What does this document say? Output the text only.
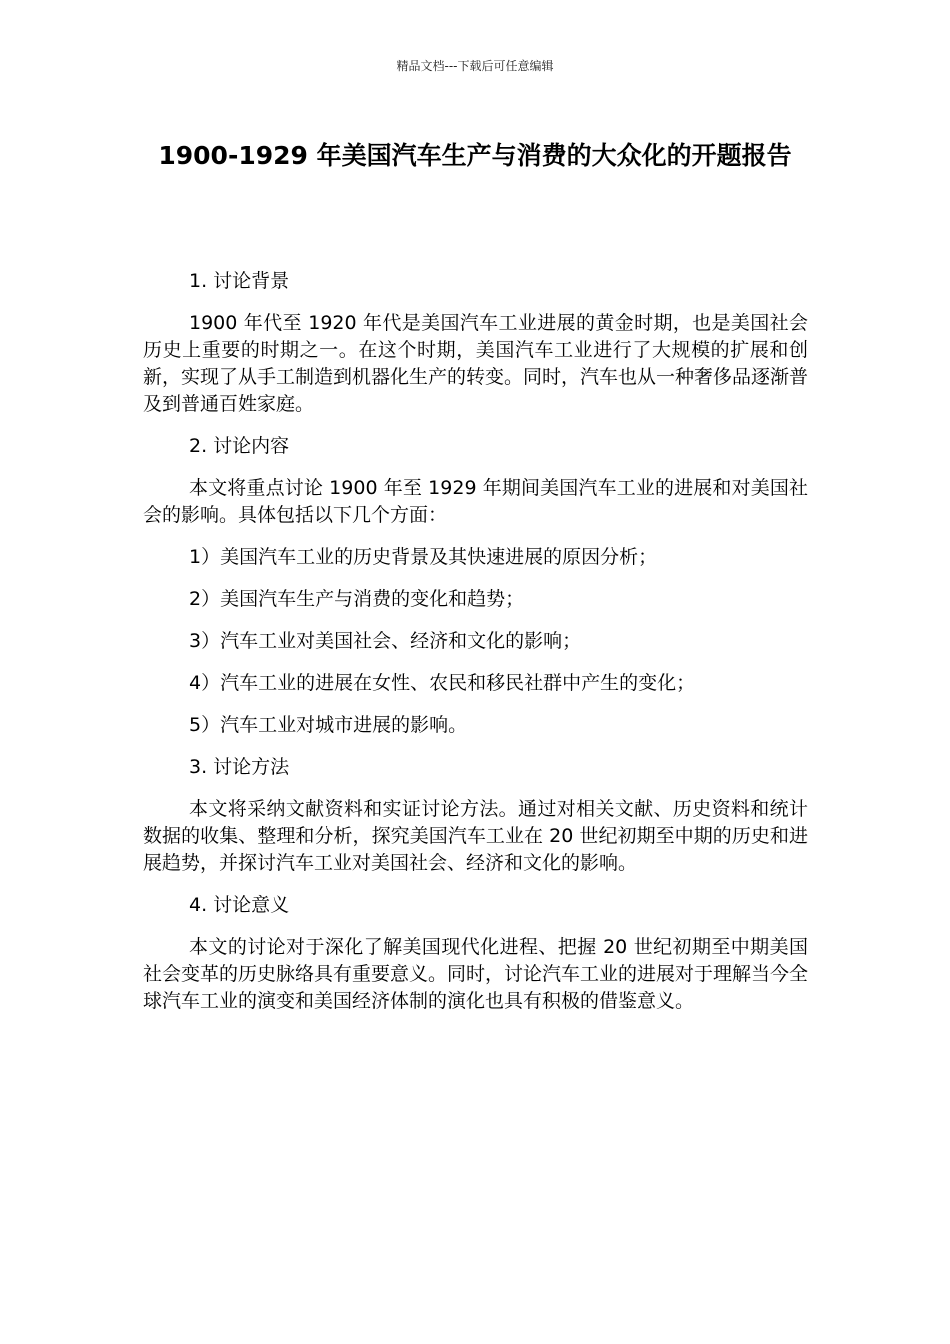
精品文档---下载后可任意编辑
1900-1929 年美国汽车生产与消费的大众化的开题报告

1. 讨论背景

1900 年代至 1920 年代是美国汽车工业进展的黄金时期，也是美国社会历史上重要的时期之一。在这个时期，美国汽车工业进行了大规模的扩展和创新，实现了从手工制造到机器化生产的转变。同时，汽车也从一种奢侈品逐渐普及到普通百姓家庭。

2. 讨论内容

本文将重点讨论 1900 年至 1929 年期间美国汽车工业的进展和对美国社会的影响。具体包括以下几个方面：

1）美国汽车工业的历史背景及其快速进展的原因分析；

2）美国汽车生产与消费的变化和趋势；

3）汽车工业对美国社会、经济和文化的影响；

4）汽车工业的进展在女性、农民和移民社群中产生的变化；

5）汽车工业对城市进展的影响。

3. 讨论方法

本文将采纳文献资料和实证讨论方法。通过对相关文献、历史资料和统计数据的收集、整理和分析，探究美国汽车工业在 20 世纪初期至中期的历史和进展趋势，并探讨汽车工业对美国社会、经济和文化的影响。

4. 讨论意义

本文的讨论对于深化了解美国现代化进程、把握 20 世纪初期至中期美国社会变革的历史脉络具有重要意义。同时，讨论汽车工业的进展对于理解当今全球汽车工业的演变和美国经济体制的演化也具有积极的借鉴意义。
